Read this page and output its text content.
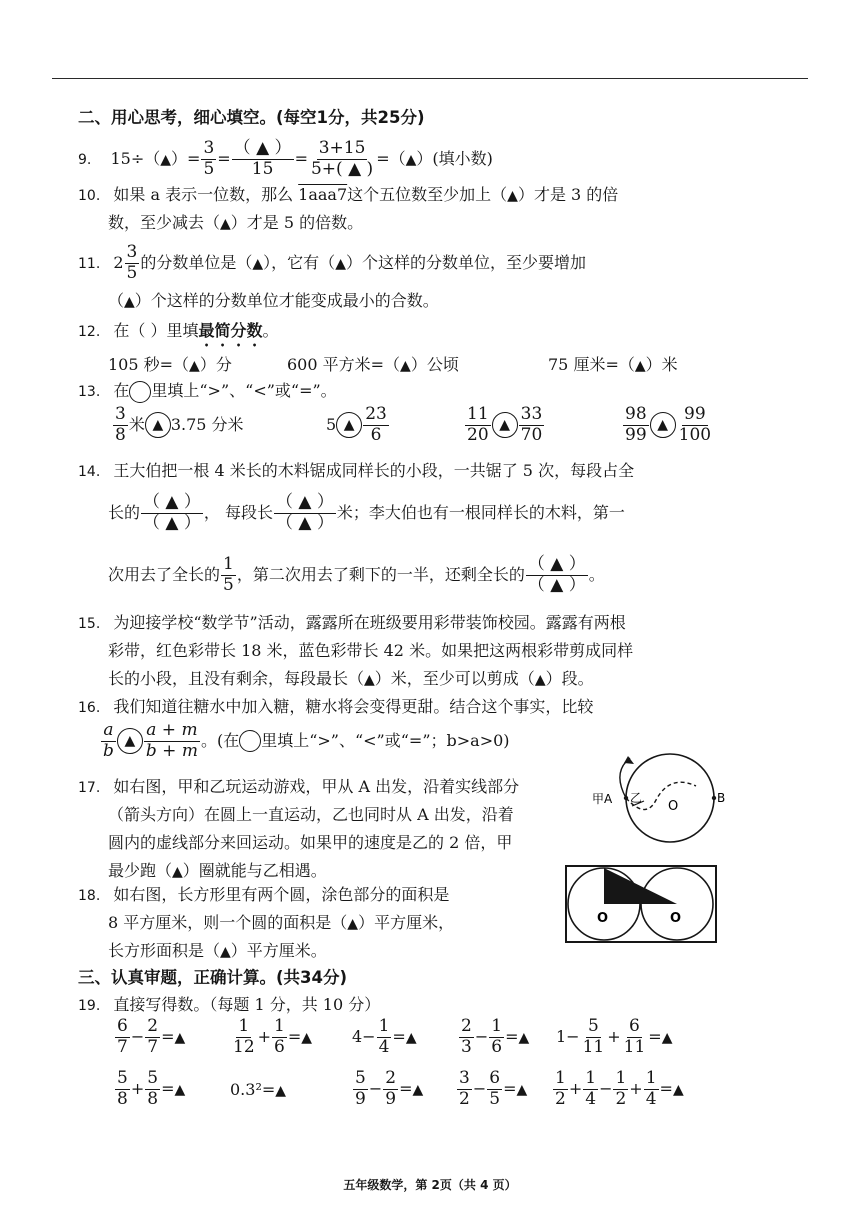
二、用心思考，细心填空。(每空1分，共25分)
9. 15÷（▲）= $\frac{3}{5} = \frac{( ▲ )}{15} = \frac{3+15}{5+( ▲ )}$ =（▲）(填小数)
10. 如果 a 表示一位数，那么 1aaa7这个五位数至少加上（▲）才是 3 的倍
数，至少减去（▲）才是 5 的倍数。
11. $2 \frac{3}{5}$ 的分数单位是（▲），它有（▲）个这样的分数单位，至少要增加
（▲）个这样的分数单位才能变成最小的合数。
12. 在（ ）里填最简分数。
105 秒=（▲）分	600 平方米=（▲）公顷	75 厘米=（▲）米
13. 在 里填上“>”、“<”或“=”。
$\frac{3}{8}$ 米 ▲ 3.75 分米	5 ▲ $\frac{23}{6}$	$\frac{11}{20}$ ▲ $\frac{33}{70}$	$\frac{98}{99}$ ▲ $\frac{99}{100}$
14. 王大伯把一根 4 米长的木料锯成同样长的小段，一共锯了 5 次，每段占全
长的 $\frac{( ▲ )}{( ▲ )}$ ， 每段长 $\frac{( ▲ )}{( ▲ )}$ 米；李大伯也有一根同样长的木料，第一
次用去了全长的 $\frac{1}{5}$ ，第二次用去了剩下的一半，还剩全长的 $\frac{( ▲ )}{( ▲ )}$ 。
15. 为迎接学校“数学节”活动，露露所在班级要用彩带装饰校园。露露有两根
彩带，红色彩带长 18 米，蓝色彩带长 42 米。如果把这两根彩带剪成同样
长的小段，且没有剩余，每段最长（▲）米，至少可以剪成（▲）段。
16. 我们知道往糖水中加入糖，糖水将会变得更甜。结合这个事实，比较
$\frac{a}{b}$ ▲ $\frac{a + m}{b + m}$ 。(在 里填上“>”、“<”或“=”；b>a>0)
17. 如右图，甲和乙玩运动游戏，甲从 A 出发，沿着实线部分
（箭头方向）在圆上一直运动，乙也同时从 A 出发，沿着
圆内的虚线部分来回运动。如果甲的速度是乙的 2 倍，甲
最少跑（▲）圈就能与乙相遇。
甲A 乙
O
B
18. 如右图，长方形里有两个圆，涂色部分的面积是
8 平方厘米，则一个圆的面积是（▲）平方厘米，
长方形面积是（▲）平方厘米。
O	O
三、认真审题，正确计算。(共34分)
19. 直接写得数。（每题 1 分，共 10 分）
$\frac{6}{7} - \frac{2}{7}$ =▲	$\frac{1}{12} + \frac{1}{6}$ =▲ $4- \frac{1}{4}$ =▲ $\frac{2}{3} - \frac{1}{6}$ =▲ $1- \frac{5}{11} + \frac{6}{11}$ =▲
$\frac{5}{8} + \frac{5}{8}$ =▲	0.3²=▲	$\frac{5}{9} - \frac{2}{9}$ =▲ $\frac{3}{2} - \frac{6}{5}$ =▲ $\frac{1}{2} + \frac{1}{4} - \frac{1}{2} + \frac{1}{4}$ =▲
五年级数学，第 2页（共 4 页）
